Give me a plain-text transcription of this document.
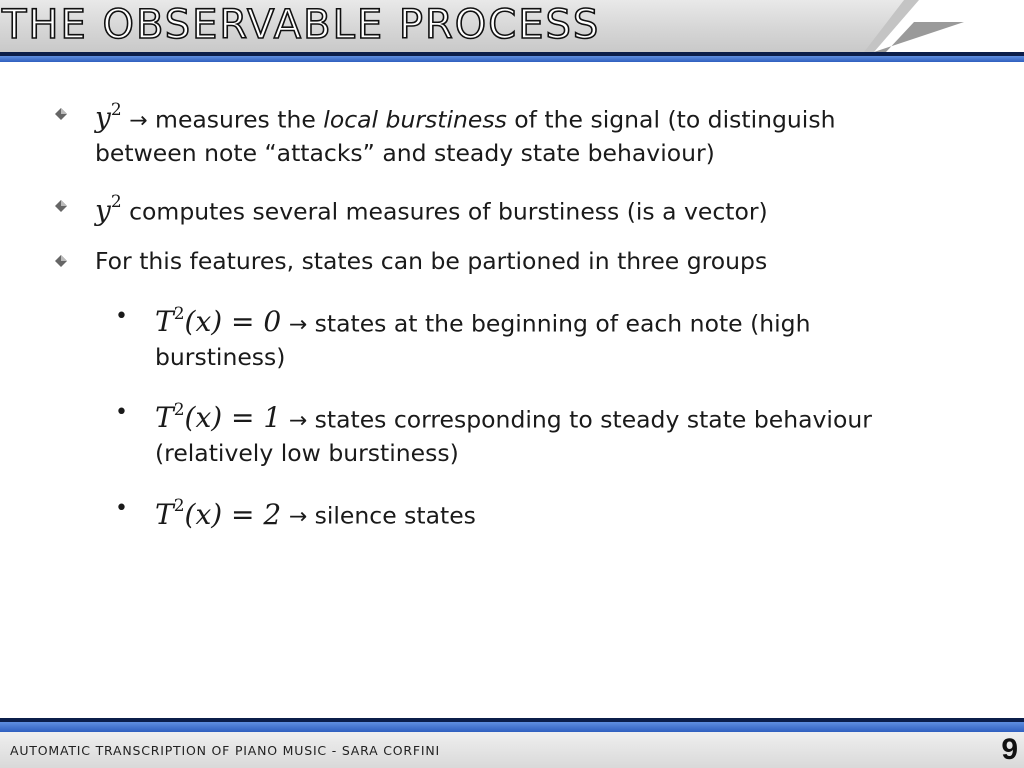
THE OBSERVABLE PROCESS
$y^2$ → measures the local burstiness of the signal (to distinguish between note “attacks” and steady state behaviour)
$y^2$ computes several measures of burstiness (is a vector)
For this features, states can be partioned in three groups
• $T^2(x) = 0$ → states at the beginning of each note (high burstiness)
• $T^2(x) = 1$ → states corresponding to steady state behaviour (relatively low burstiness)
• $T^2(x) = 2$ → silence states
AUTOMATIC TRANSCRIPTION OF PIANO MUSIC - SARA CORFINI	9
